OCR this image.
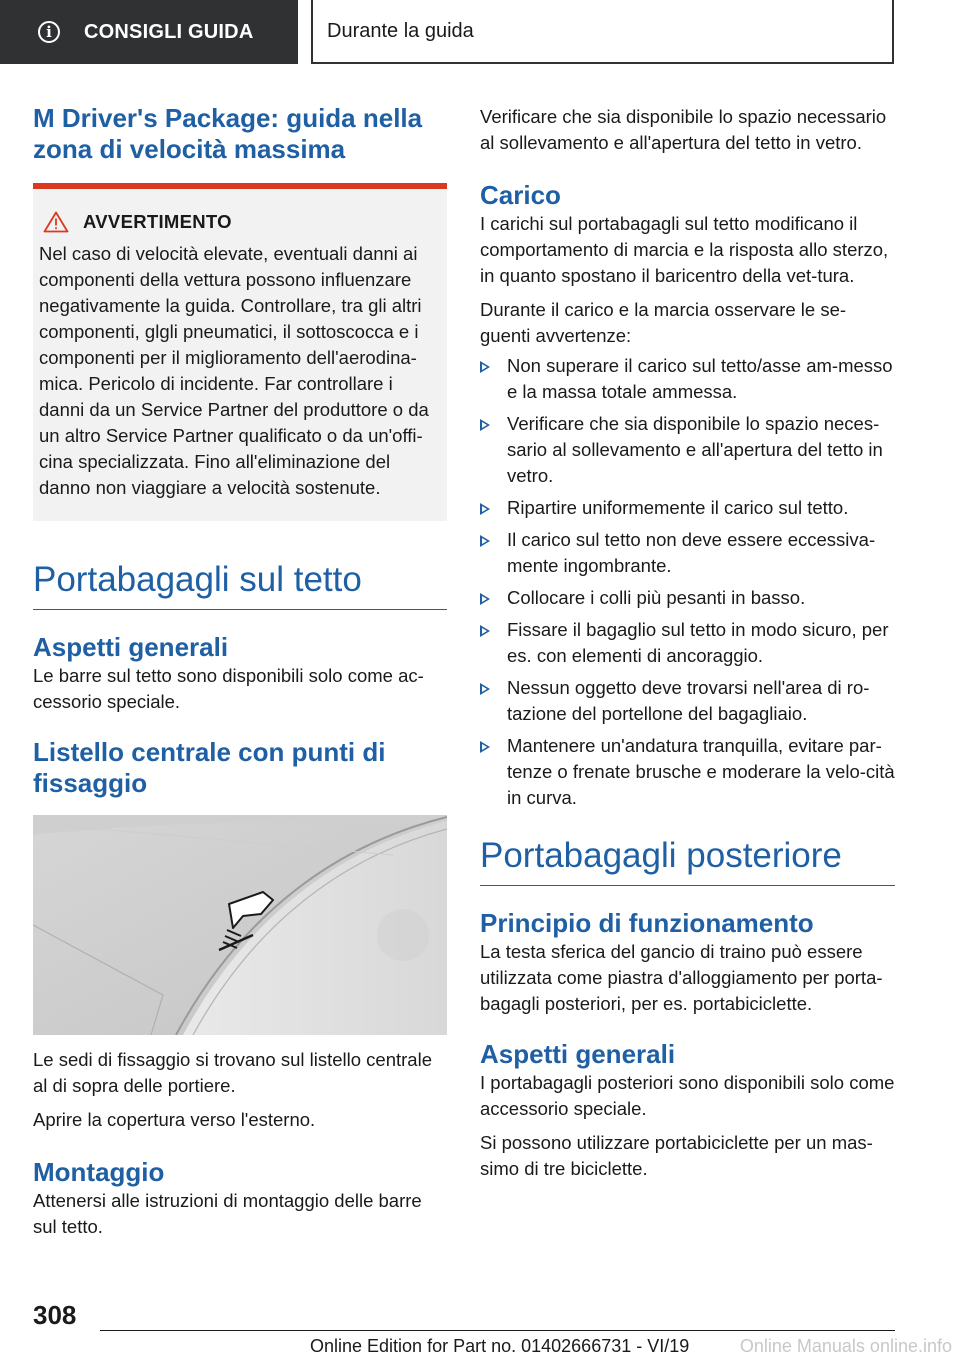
i	CONSIGLI GUIDA	Durante la guida
M Driver's Package: guida nella zona di velocità massima
AVVERTIMENTO

Nel caso di velocità elevate, eventuali danni ai componenti della vettura possono influenzare negativamente la guida. Controllare, tra gli altri componenti, glgli pneumatici, il sottoscocca e i componenti per il miglioramento dell'aerodina-mica. Pericolo di incidente. Far controllare i danni da un Service Partner del produttore o da un altro Service Partner qualificato o da un'offi-cina specializzata. Fino all'eliminazione del danno non viaggiare a velocità sostenute.

Portabagagli sul tetto
Aspetti generali

Le barre sul tetto sono disponibili solo come ac-cessorio speciale.

Listello centrale con punti di fissaggio

Le sedi di fissaggio si trovano sul listello centrale al di sopra delle portiere.

Aprire la copertura verso l'esterno.

Montaggio

Attenersi alle istruzioni di montaggio delle barre sul tetto.

Verificare che sia disponibile lo spazio necessario al sollevamento e all'apertura del tetto in vetro.

Carico

I carichi sul portabagagli sul tetto modificano il comportamento di marcia e la risposta allo sterzo, in quanto spostano il baricentro della vet-tura.

Durante il carico e la marcia osservare le se-guenti avvertenze:

Non superare il carico sul tetto/asse am-messo e la massa totale ammessa.

Verificare che sia disponibile lo spazio neces-sario al sollevamento e all'apertura del tetto in vetro.

Ripartire uniformemente il carico sul tetto.

Il carico sul tetto non deve essere eccessiva-mente ingombrante.

Collocare i colli più pesanti in basso.

Fissare il bagaglio sul tetto in modo sicuro, per es. con elementi di ancoraggio.

Nessun oggetto deve trovarsi nell'area di ro-tazione del portellone del bagagliaio.

Mantenere un'andatura tranquilla, evitare par-tenze o frenate brusche e moderare la velo-cità in curva.

Portabagagli posteriore
Principio di funzionamento

La testa sferica del gancio di traino può essere utilizzata come piastra d'alloggiamento per porta-bagagli posteriori, per es. portabiciclette.

Aspetti generali

I portabagagli posteriori sono disponibili solo come accessorio speciale.

Si possono utilizzare portabiciclette per un mas-simo di tre biciclette.

308
Online Edition for Part no. 01402666731 - VI/19	Online Manuals online.info
